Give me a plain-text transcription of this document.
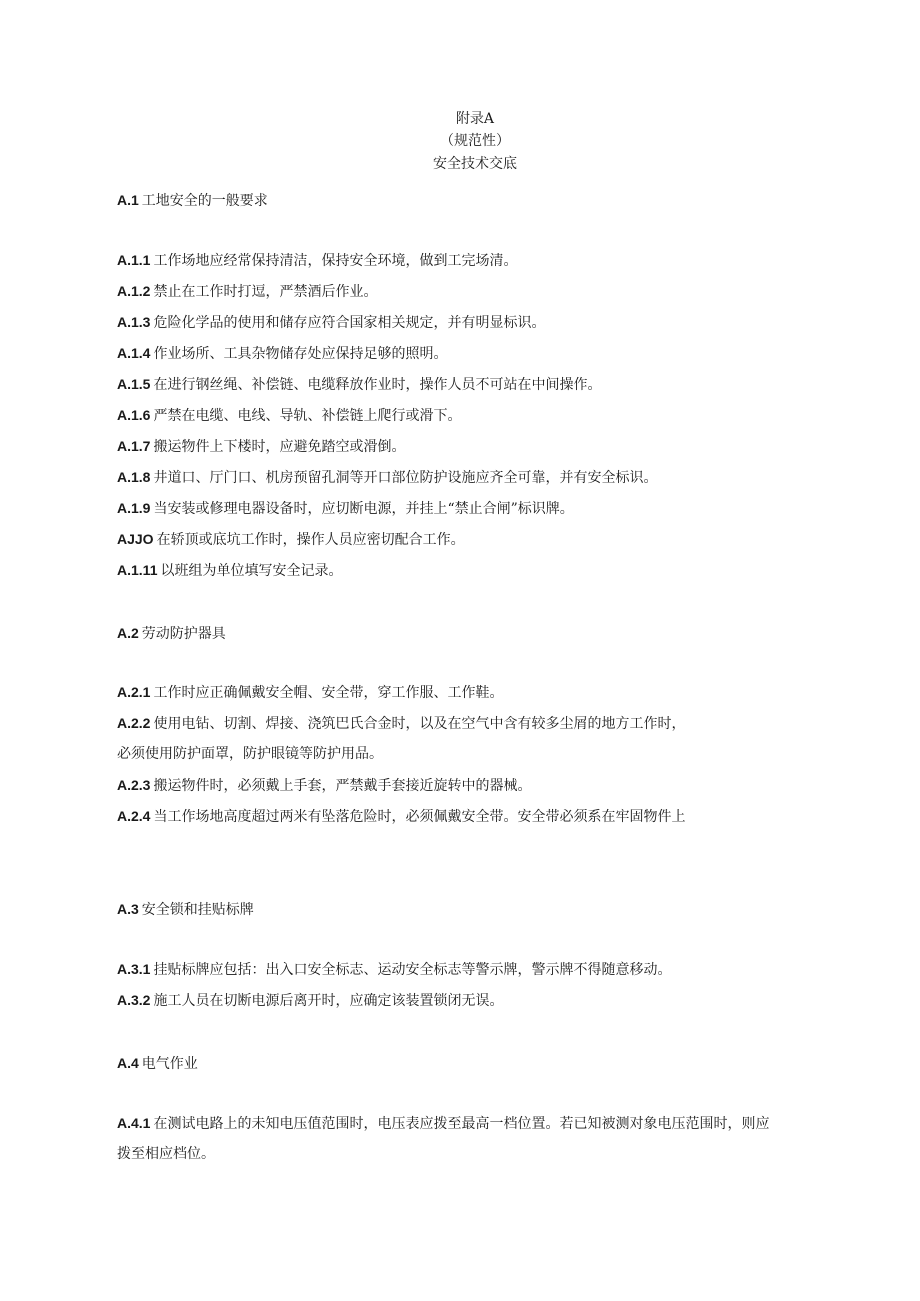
附录A
（规范性）
安全技术交底
A.1 工地安全的一般要求
A.1.1 工作场地应经常保持清洁，保持安全环境，做到工完场清。
A.1.2 禁止在工作时打逗，严禁酒后作业。
A.1.3 危险化学品的使用和储存应符合国家相关规定，并有明显标识。
A.1.4 作业场所、工具杂物储存处应保持足够的照明。
A.1.5 在进行钢丝绳、补偿链、电缆释放作业时，操作人员不可站在中间操作。
A.1.6 严禁在电缆、电线、导轨、补偿链上爬行或滑下。
A.1.7 搬运物件上下楼时，应避免踏空或滑倒。
A.1.8 井道口、厅门口、机房预留孔洞等开口部位防护设施应齐全可靠，并有安全标识。
A.1.9 当安装或修理电器设备时，应切断电源，并挂上“禁止合闸”标识牌。
AJJO 在轿顶或底坑工作时，操作人员应密切配合工作。
A.1.11 以班组为单位填写安全记录。
A.2 劳动防护器具
A.2.1 工作时应正确佩戴安全帽、安全带，穿工作服、工作鞋。
A.2.2 使用电钻、切割、焊接、浇筑巴氏合金时，以及在空气中含有较多尘屑的地方工作时，
必须使用防护面罩，防护眼镜等防护用品。
A.2.3 搬运物件时，必须戴上手套，严禁戴手套接近旋转中的器械。
A.2.4 当工作场地高度超过两米有坠落危险时，必须佩戴安全带。安全带必须系在牢固物件上
A.3 安全锁和挂贴标牌
A.3.1 挂贴标牌应包括：出入口安全标志、运动安全标志等警示牌，警示牌不得随意移动。
A.3.2 施工人员在切断电源后离开时，应确定该装置锁闭无误。
A.4 电气作业
A.4.1 在测试电路上的未知电压值范围时，电压表应拨至最高一档位置。若已知被测对象电压范围时，则应
拨至相应档位。
